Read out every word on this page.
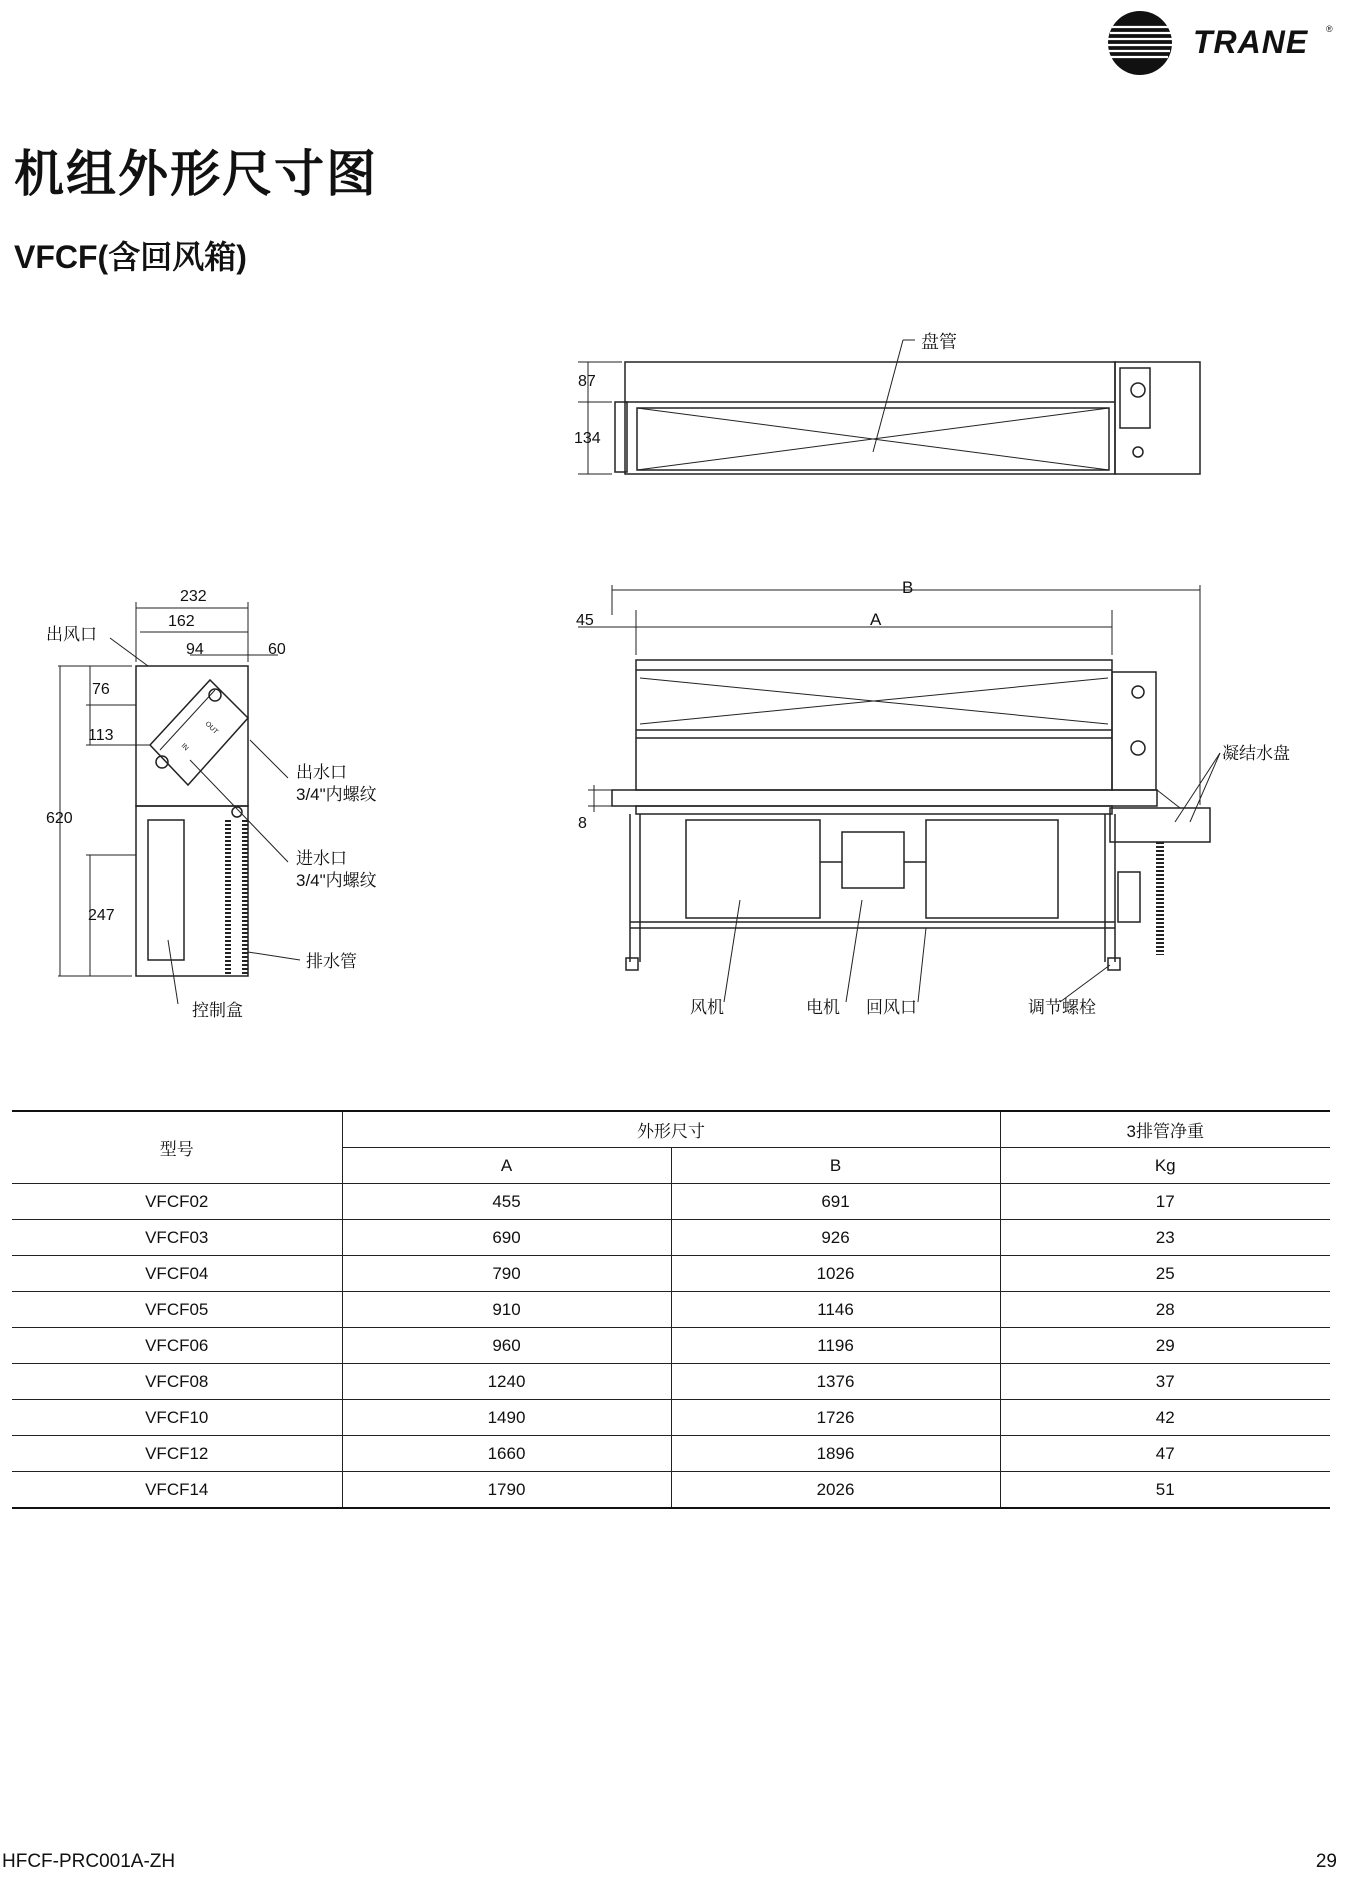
TRANE ®
机组外形尺寸图
VFCF(含回风箱)
87
134
盘管
232
162
94	60
76
113
620
247
出风口
出水口
3/4"内螺纹
进水口
3/4"内螺纹
排水管
控制盒
OUT
IN
B
A
45
8
凝结水盘
风机	电机 回风口	调节螺栓
型号	外形尺寸		3排管净重
	A	B	Kg
VFCF02	455	691	17
VFCF03	690	926	23
VFCF04	790	1026	25
VFCF05	910	1146	28
VFCF06	960	1196	29
VFCF08	1240	1376	37
VFCF10	1490	1726	42
VFCF12	1660	1896	47
VFCF14	1790	2026	51
HFCF-PRC001A-ZH	29
